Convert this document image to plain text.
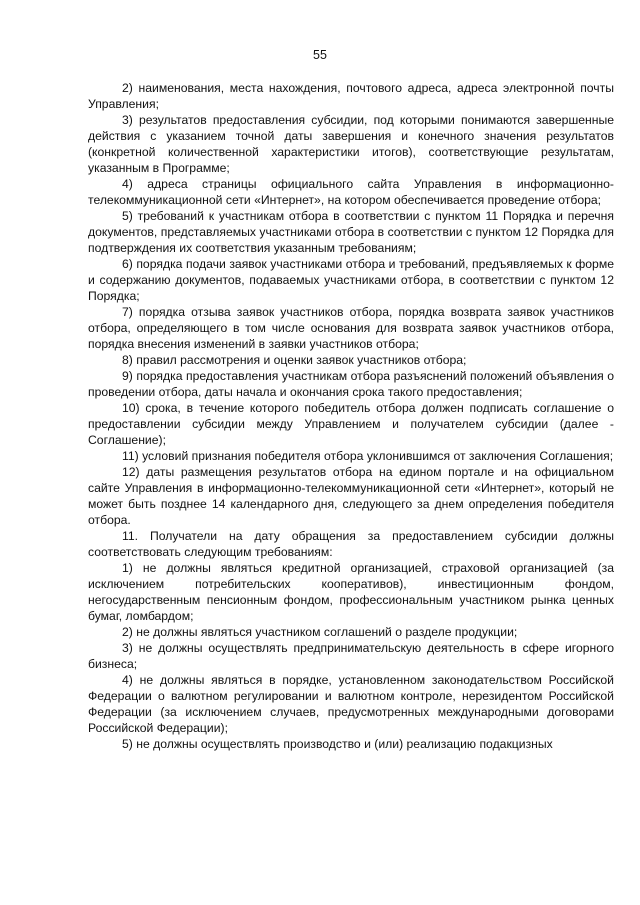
55

2) наименования, места нахождения, почтового адреса, адреса электронной почты Управления;

3) результатов предоставления субсидии, под которыми понимаются завершенные действия с указанием точной даты завершения и конечного значения результатов (конкретной количественной характеристики итогов), соответствующие результатам, указанным в Программе;

4) адреса страницы официального сайта Управления в информационно-телекоммуникационной сети «Интернет», на котором обеспечивается проведение отбора;

5) требований к участникам отбора в соответствии с пунктом 11 Порядка и перечня документов, представляемых участниками отбора в соответствии с пунктом 12 Порядка для подтверждения их соответствия указанным требованиям;

6) порядка подачи заявок участниками отбора и требований, предъявляемых к форме и содержанию документов, подаваемых участниками отбора, в соответствии с пунктом 12 Порядка;

7) порядка отзыва заявок участников отбора, порядка возврата заявок участников отбора, определяющего в том числе основания для возврата заявок участников отбора, порядка внесения изменений в заявки участников отбора;

8) правил рассмотрения и оценки заявок участников отбора;

9) порядка предоставления участникам отбора разъяснений положений объявления о проведении отбора, даты начала и окончания срока такого предоставления;

10) срока, в течение которого победитель отбора должен подписать соглашение о предоставлении субсидии между Управлением и получателем субсидии (далее - Соглашение);

11) условий признания победителя отбора уклонившимся от заключения Соглашения;

12) даты размещения результатов отбора на едином портале и на официальном сайте Управления в информационно-телекоммуникационной сети «Интернет», который не может быть позднее 14 календарного дня, следующего за днем определения победителя отбора.

11. Получатели на дату обращения за предоставлением субсидии должны соответствовать следующим требованиям:

1) не должны являться кредитной организацией, страховой организацией (за исключением потребительских кооперативов), инвестиционным фондом, негосударственным пенсионным фондом, профессиональным участником рынка ценных бумаг, ломбардом;

2) не должны являться участником соглашений о разделе продукции;

3) не должны осуществлять предпринимательскую деятельность в сфере игорного бизнеса;

4) не должны являться в порядке, установленном законодательством Российской Федерации о валютном регулировании и валютном контроле, нерезидентом Российской Федерации (за исключением случаев, предусмотренных международными договорами Российской Федерации);

5) не должны осуществлять производство и (или) реализацию подакцизных
